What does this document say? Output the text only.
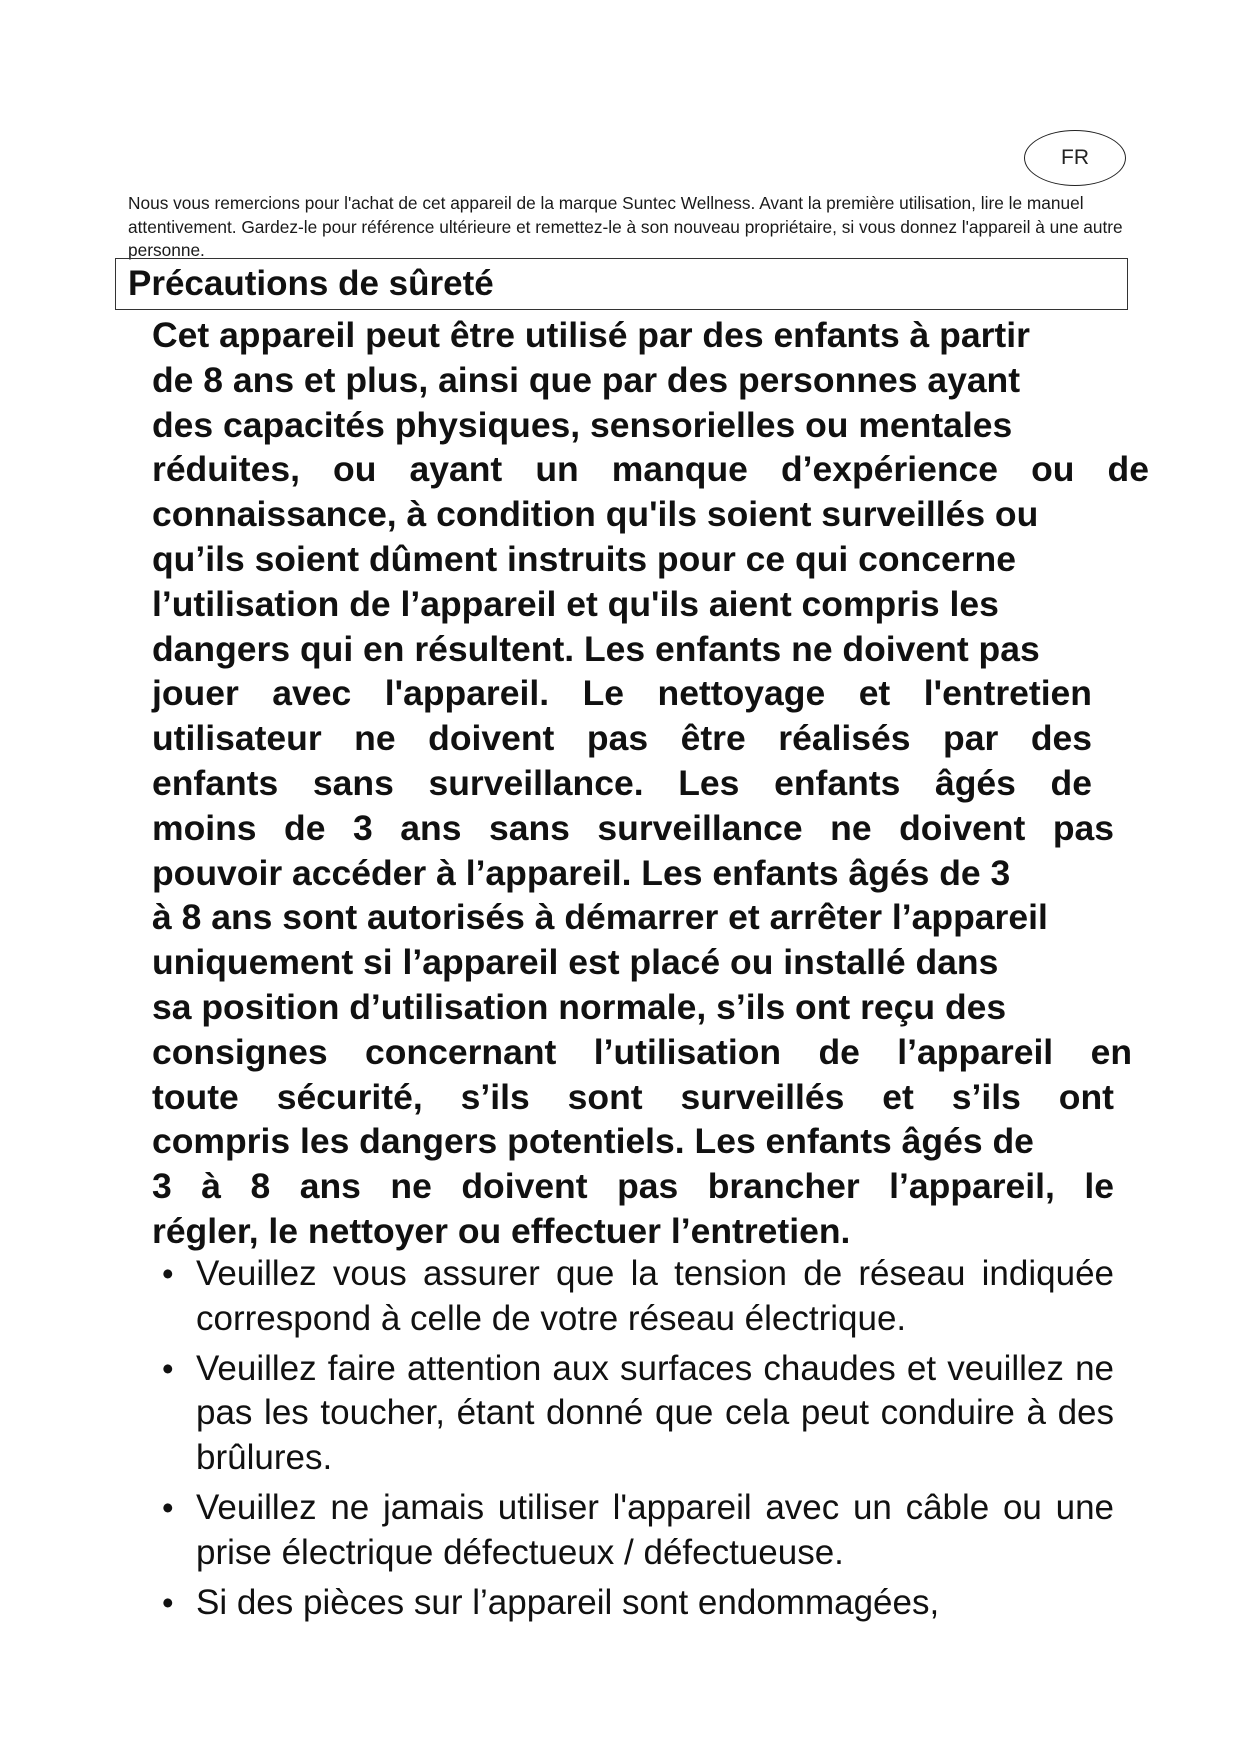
FR

Nous vous remercions pour l'achat de cet appareil de la marque Suntec Wellness. Avant la première utilisation, lire le manuel attentivement. Gardez-le pour référence ultérieure et remettez-le à son nouveau propriétaire, si vous donnez l'appareil à une autre personne.

Précautions de sûreté
Cet appareil peut être utilisé par des enfants à partir
de 8 ans et plus, ainsi que par des personnes ayant
des capacités physiques, sensorielles ou mentales
réduites, ou ayant un manque d’expérience ou de
connaissance, à condition qu'ils soient surveillés ou
qu’ils soient dûment instruits pour ce qui concerne
l’utilisation de l’appareil et qu'ils aient compris les
dangers qui en résultent. Les enfants ne doivent pas
jouer avec l'appareil. Le nettoyage et l'entretien
utilisateur ne doivent pas être réalisés par des
enfants sans surveillance. Les enfants âgés de
moins de 3 ans sans surveillance ne doivent pas
pouvoir accéder à l’appareil. Les enfants âgés de 3
à 8 ans sont autorisés à démarrer et arrêter l’appareil
uniquement si l’appareil est placé ou installé dans
sa position d’utilisation normale, s’ils ont reçu des
consignes concernant l’utilisation de l’appareil en
toute sécurité, s’ils sont surveillés et s’ils ont
compris les dangers potentiels. Les enfants âgés de
3 à 8 ans ne doivent pas brancher l’appareil, le
régler, le nettoyer ou effectuer l’entretien.
• Veuillez vous assurer que la tension de réseau indiquée correspond à celle de votre réseau électrique.
• Veuillez faire attention aux surfaces chaudes et veuillez ne pas les toucher, étant donné que cela peut conduire à des brûlures.
• Veuillez ne jamais utiliser l'appareil avec un câble ou une prise électrique défectueux / défectueuse.
• Si des pièces sur l’appareil sont endommagées,
